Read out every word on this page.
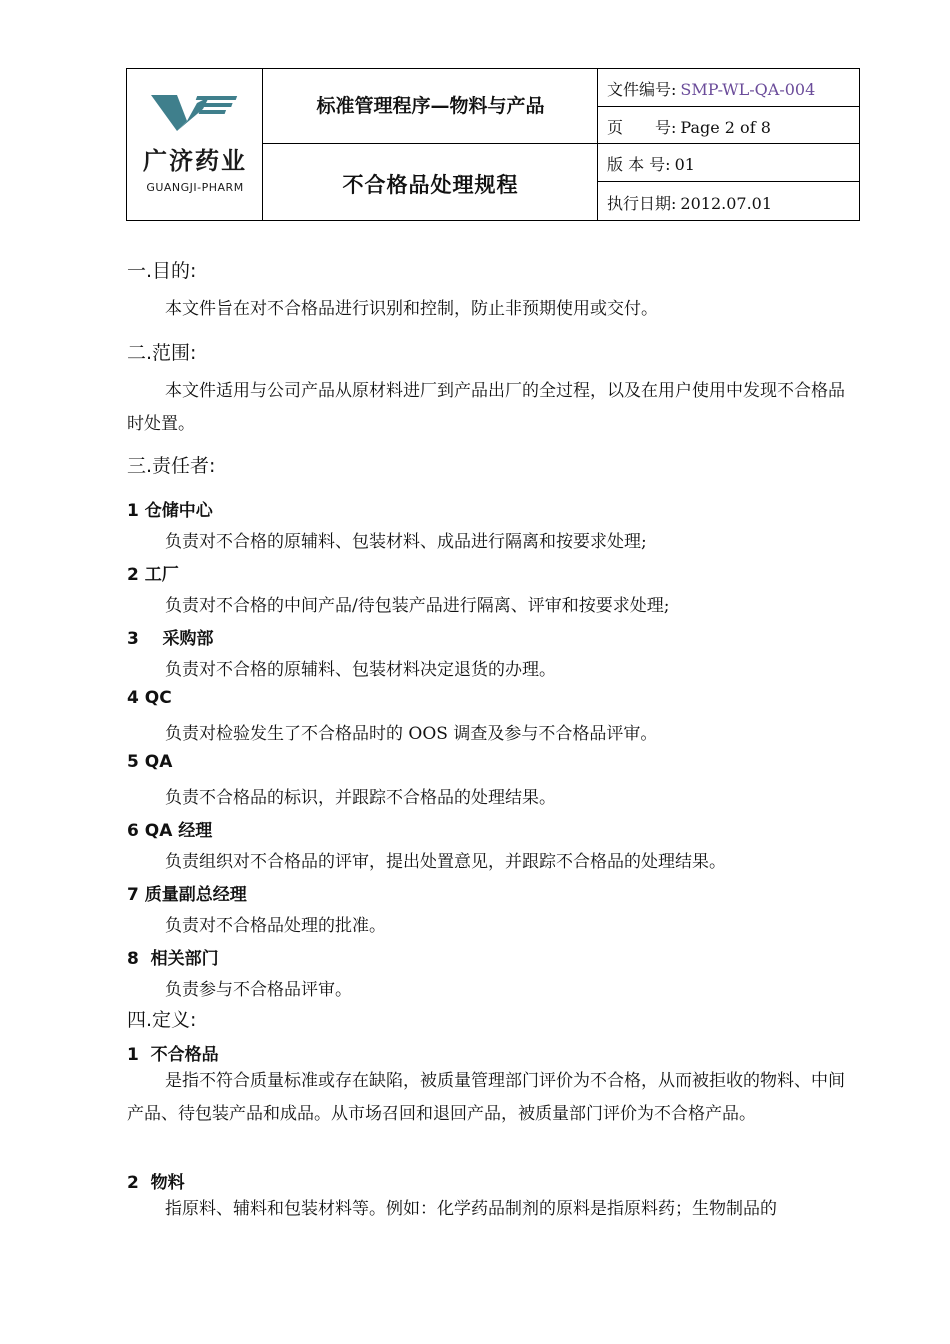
广济药业
GUANGJI-PHARM
标准管理程序—物料与产品
不合格品处理规程
文件编号: SMP-WL-QA-004
页　　号: Page 2 of 8
版 本 号: 01
执行日期: 2012.07.01
一.目的:
本文件旨在对不合格品进行识别和控制，防止非预期使用或交付。
二.范围:
本文件适用与公司产品从原材料进厂到产品出厂的全过程，以及在用户使用中发现不合格品时处置。
三.责任者:
1 仓储中心
负责对不合格的原辅料、包装材料、成品进行隔离和按要求处理;
2 工厂
负责对不合格的中间产品/待包装产品进行隔离、评审和按要求处理;
3    采购部
负责对不合格的原辅料、包装材料决定退货的办理。
4 QC
负责对检验发生了不合格品时的 OOS 调查及参与不合格品评审。
5 QA
负责不合格品的标识，并跟踪不合格品的处理结果。
6 QA 经理
负责组织对不合格品的评审，提出处置意见，并跟踪不合格品的处理结果。
7 质量副总经理
负责对不合格品处理的批准。
8  相关部门
负责参与不合格品评审。
四.定义:
1  不合格品
是指不符合质量标准或存在缺陷，被质量管理部门评价为不合格，从而被拒收的物料、中间产品、待包装产品和成品。从市场召回和退回产品，被质量部门评价为不合格产品。
2  物料
指原料、辅料和包装材料等。例如：化学药品制剂的原料是指原料药；生物制品的
